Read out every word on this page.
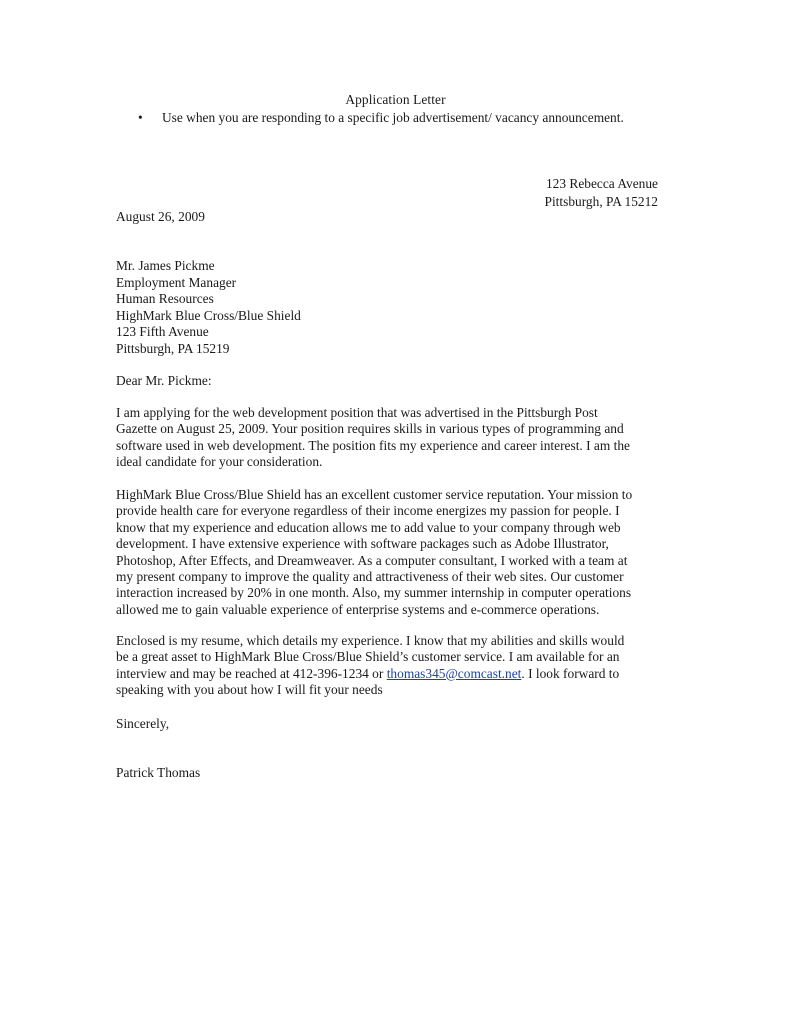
Application Letter
• Use when you are responding to a specific job advertisement/ vacancy announcement.
123 Rebecca Avenue
Pittsburgh, PA 15212
August 26, 2009
Mr. James Pickme
Employment Manager
Human Resources
HighMark Blue Cross/Blue Shield
123 Fifth Avenue
Pittsburgh, PA 15219
Dear Mr. Pickme:
I am applying for the web development position that was advertised in the Pittsburgh Post
Gazette on August 25, 2009. Your position requires skills in various types of programming and
software used in web development. The position fits my experience and career interest. I am the
ideal candidate for your consideration.
HighMark Blue Cross/Blue Shield has an excellent customer service reputation. Your mission to
provide health care for everyone regardless of their income energizes my passion for people. I
know that my experience and education allows me to add value to your company through web
development. I have extensive experience with software packages such as Adobe Illustrator,
Photoshop, After Effects, and Dreamweaver. As a computer consultant, I worked with a team at
my present company to improve the quality and attractiveness of their web sites. Our customer
interaction increased by 20% in one month. Also, my summer internship in computer operations
allowed me to gain valuable experience of enterprise systems and e-commerce operations.
Enclosed is my resume, which details my experience. I know that my abilities and skills would
be a great asset to HighMark Blue Cross/Blue Shield’s customer service. I am available for an
interview and may be reached at 412-396-1234 or thomas345@comcast.net. I look forward to
speaking with you about how I will fit your needs
Sincerely,
Patrick Thomas
